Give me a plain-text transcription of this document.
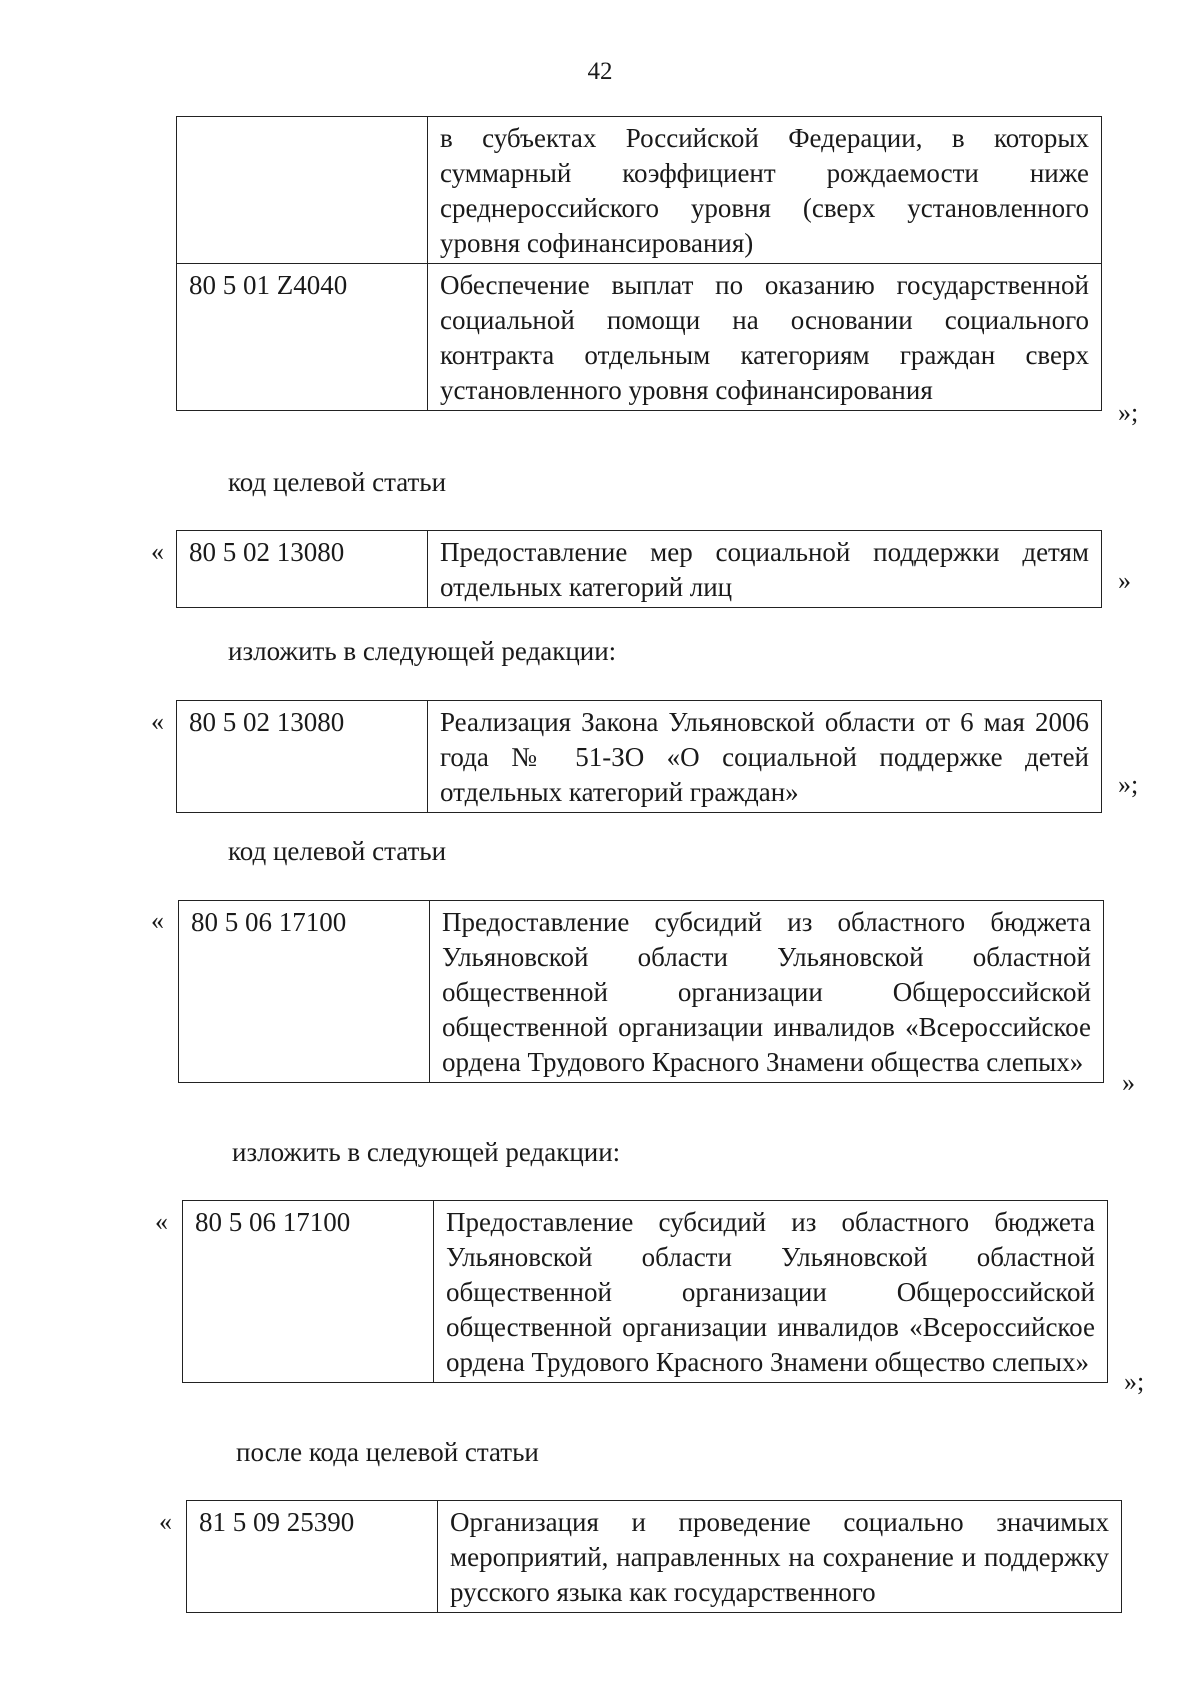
42
	в субъектах Российской Федерации, в которых суммарный коэффициент рождаемости ниже среднероссийского уровня (сверх установленного уровня софинансирования)
80 5 01 Z4040	Обеспечение выплат по оказанию государственной социальной помощи на основании социального контракта отдельным категориям граждан сверх установленного уровня софинансирования
»;
код целевой статьи
« 80 5 02 13080	Предоставление мер социальной поддержки детям отдельных категорий лиц	»
изложить в следующей редакции:
« 80 5 02 13080	Реализация Закона Ульяновской области от 6 мая 2006 года № 51-ЗО «О социальной поддержке детей отдельных категорий граждан»	»;
код целевой статьи
« 80 5 06 17100	Предоставление субсидий из областного бюджета Ульяновской области Ульяновской областной общественной организации Общероссийской общественной организации инвалидов «Всероссийское ордена Трудового Красного Знамени общества слепых»
»
изложить в следующей редакции:
« 80 5 06 17100	Предоставление субсидий из областного бюджета Ульяновской области Ульяновской областной общественной организации Общероссийской общественной организации инвалидов «Всероссийское ордена Трудового Красного Знамени общество слепых»
»;
после кода целевой статьи
« 81 5 09 25390	Организация и проведение социально значимых мероприятий, направленных на сохранение и поддержку русского языка как государственного
